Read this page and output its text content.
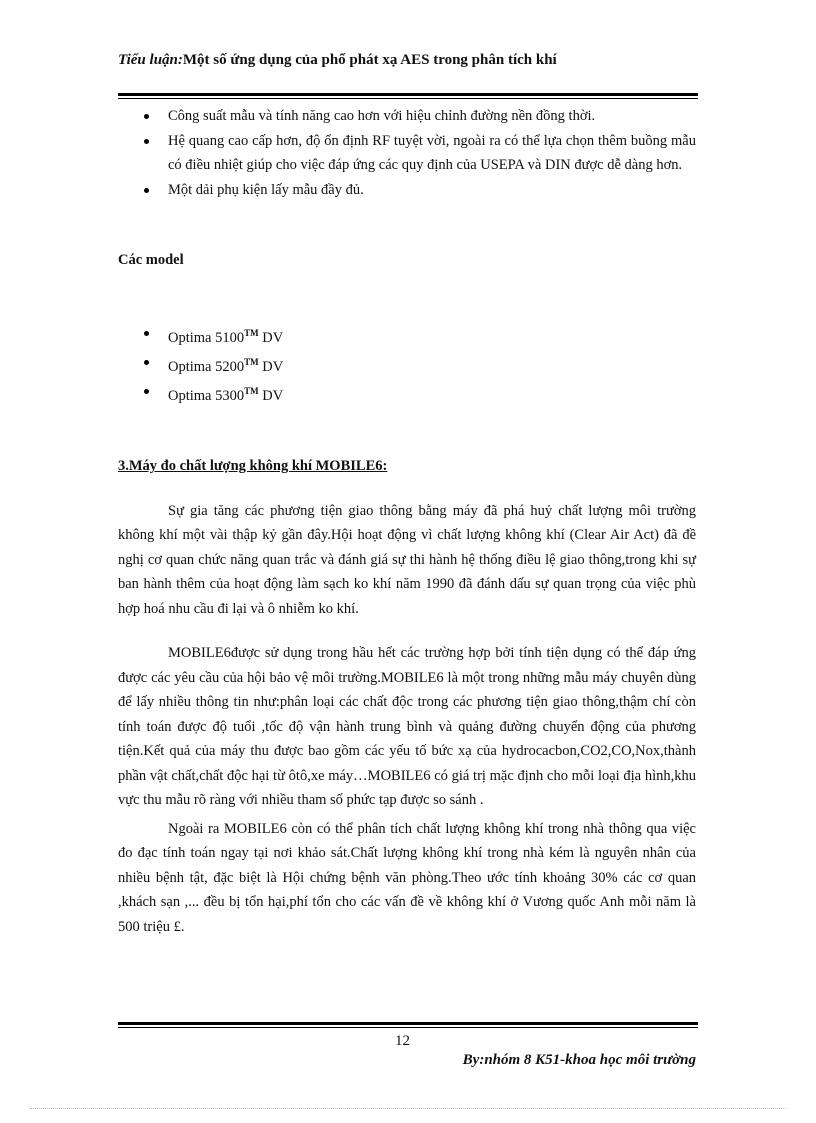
Tiểu luận:Một số ứng dụng của phổ phát xạ AES trong phân tích khí
Công suất mẫu và tính năng cao hơn với hiệu chỉnh đường nền đồng thời.
Hệ quang cao cấp hơn, độ ổn định RF tuyệt vời, ngoài ra có thể lựa chọn thêm buồng mẫu có điều nhiệt giúp cho việc đáp ứng các quy định của USEPA và DIN được dễ dàng hơn.
Một dải phụ kiện lấy mẫu đầy đủ.

Các model

Optima 5100™ DV
Optima 5200™ DV
Optima 5300™ DV

3.Máy đo chất lượng không khí MOBILE6:

Sự gia tăng các phương tiện giao thông bằng máy đã phá huỷ chất lượng môi trường không khí một vài thập kỷ gần đây.Hội hoạt động vì chất lượng không khí (Clear Air Act) đã đề nghị cơ quan chức năng quan trắc và đánh giá sự thi hành hệ thống điều lệ giao thông,trong khi sự ban hành thêm của hoạt động làm sạch ko khí năm 1990 đã đánh dấu sự quan trọng của việc phù hợp hoá nhu cầu đi lại và ô nhiễm ko khí.

MOBILE6được sử dụng trong hầu hết các trường hợp bởi tính tiện dụng có thể đáp ứng được các yêu cầu của hội bảo vệ môi trường.MOBILE6 là một trong những mẫu máy chuyên dùng để lấy nhiều thông tin như:phân loại các chất độc trong các phương tiện giao thông,thậm chí còn tính toán được độ tuổi ,tốc độ vận hành trung bình và quảng đường chuyển động của phương tiện.Kết quả của máy thu được bao gồm các yếu tố bức xạ của hydrocacbon,CO2,CO,Nox,thành phần vật chất,chất độc hại từ ôtô,xe máy…MOBILE6 có giá trị mặc định cho mỗi loại địa hình,khu vực thu mẫu rõ ràng với nhiều tham số phức tạp được so sánh .

Ngoài ra MOBILE6 còn có thể phân tích chất lượng không khí trong nhà thông qua việc đo đạc tính toán ngay tại nơi khảo sát.Chất lượng không khí trong nhà kém là nguyên nhân của nhiều bệnh tật, đặc biệt là Hội chứng bệnh văn phòng.Theo ước tính khoảng 30% các cơ quan ,khách sạn ,... đều bị tổn hại,phí tổn cho các vấn đề về không khí ở Vương quốc Anh mỗi năm là 500 triệu £.

12
By:nhóm 8 K51-khoa học môi trường
